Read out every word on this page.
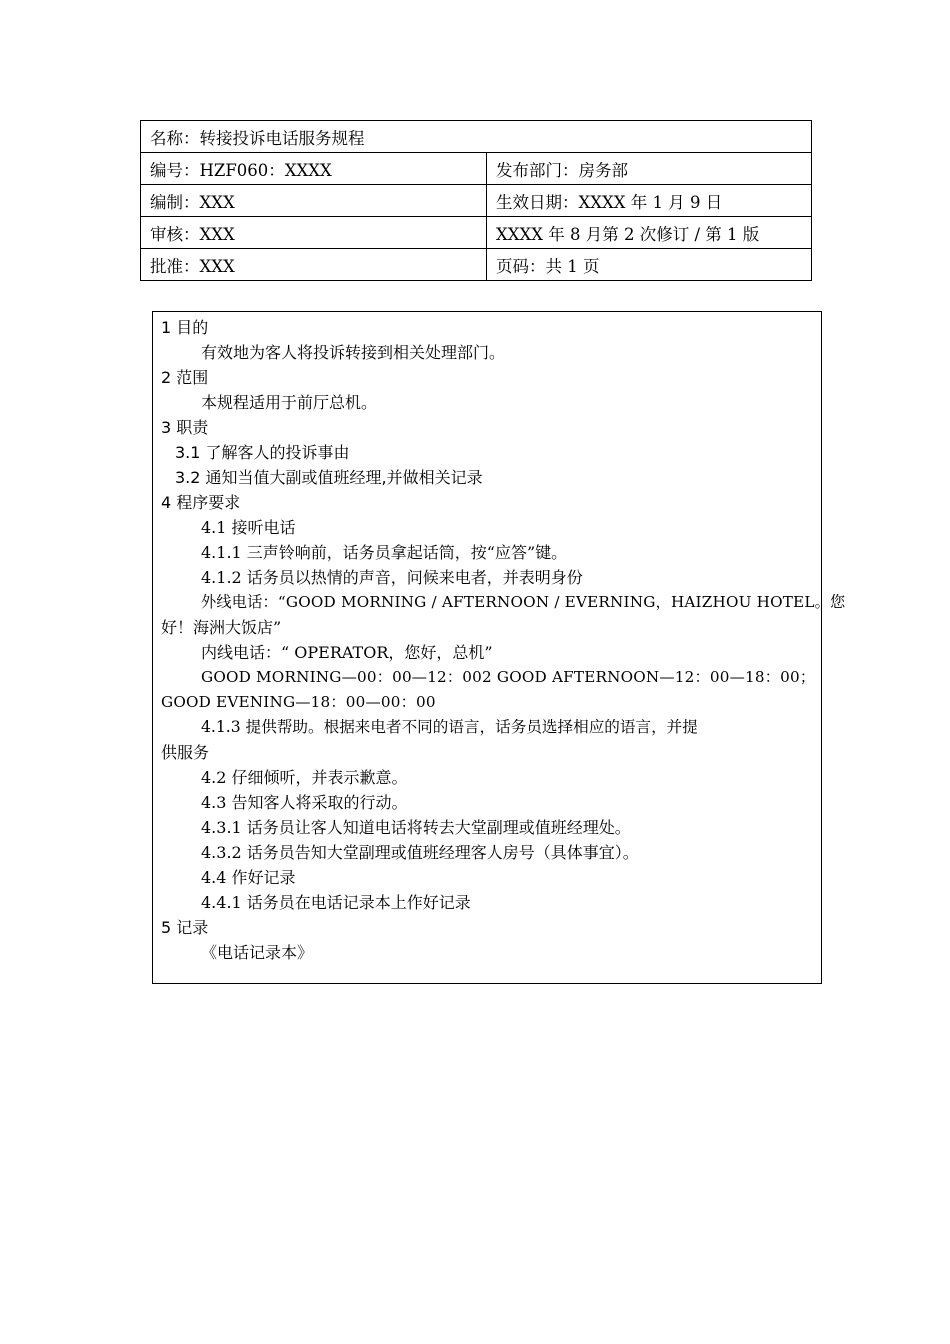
名称：转接投诉电话服务规程	
编号：HZF060：XXXX	发布部门：房务部
编制：XXX	生效日期：XXXX 年 1 月 9 日
审核：XXX	XXXX 年 8 月第 2 次修订 / 第 1 版
批准：XXX	页码：共 1 页
1 目的
有效地为客人将投诉转接到相关处理部门。
2 范围
本规程适用于前厅总机。
3 职责
3.1 了解客人的投诉事由
3.2 通知当值大副或值班经理,并做相关记录
4 程序要求
4.1 接听电话
4.1.1 三声铃响前，话务员拿起话筒，按“应答”键。
4.1.2 话务员以热情的声音，问候来电者，并表明身份
外线电话：“GOOD MORNING / AFTERNOON / EVERNING，HAIZHOU HOTEL。您
好！海洲大饭店”
内线电话：“ OPERATOR，您好，总机”
GOOD MORNING—00：00—12：002 GOOD AFTERNOON—12：00—18：00；
GOOD EVENING—18：00—00：00
4.1.3 提供帮助。根据来电者不同的语言，话务员选择相应的语言，并提
供服务
4.2 仔细倾听，并表示歉意。
4.3 告知客人将采取的行动。
4.3.1 话务员让客人知道电话将转去大堂副理或值班经理处。
4.3.2 话务员告知大堂副理或值班经理客人房号（具体事宜）。
4.4 作好记录
4.4.1 话务员在电话记录本上作好记录
5 记录
《电话记录本》
